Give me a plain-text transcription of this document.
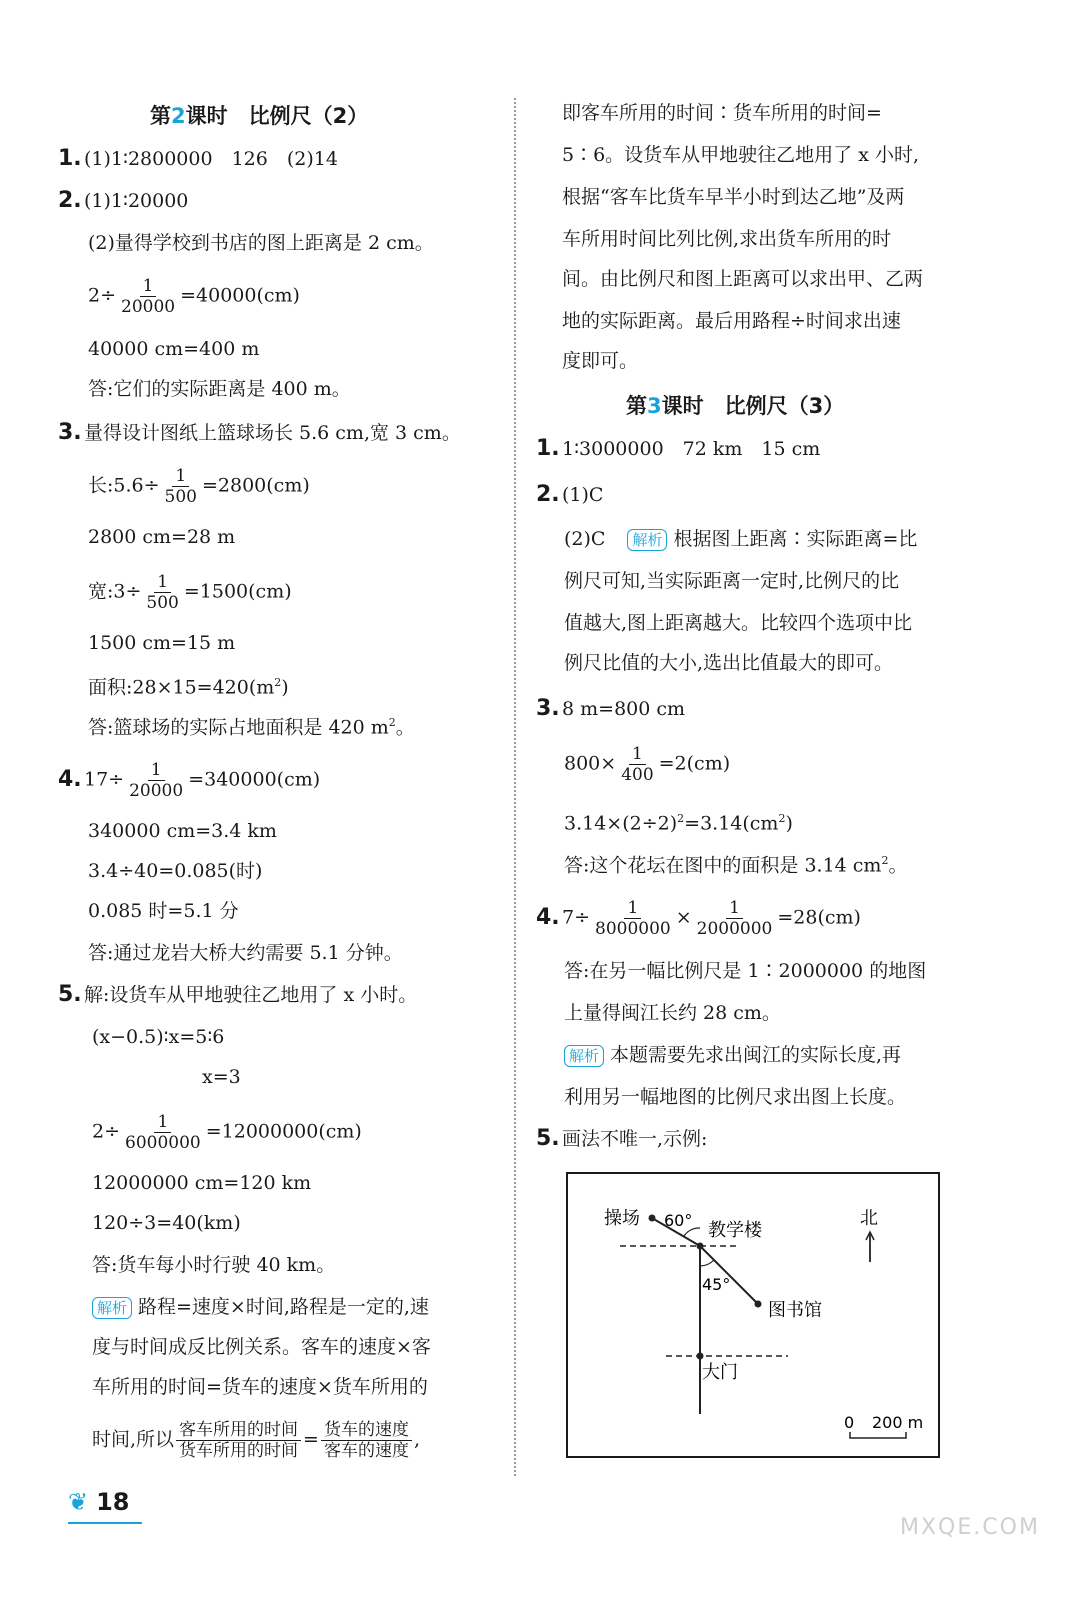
第2课时　比例尺（2）
1. (1)1∶2800000　126　(2)14
2. (1)1∶20000
(2)量得学校到书店的图上距离是 2 cm。
$2\div \frac{1}{20000} =40000(cm)$
40000 cm=400 m
答:它们的实际距离是 400 m。
3. 量得设计图纸上篮球场长 5.6 cm,宽 3 cm。
长:5.6÷ $\frac{1}{500} =2800(cm)$
2800 cm=28 m
宽:3÷ $\frac{1}{500} =1500(cm)$
1500 cm=15 m
面积$:28\times 15=420(m^2)$
答:篮球场的实际占地面积是 420 $m^2$。
4. $17\div \frac{1}{20000} =340000(cm)$
340000 cm=3.4 km
3.4÷40=0.085(时)
0.085 时=5.1 分
答:通过龙岩大桥大约需要 5.1 分钟。
5. 解:设货车从甲地驶往乙地用了 x 小时。
(x−0.5)∶x=5∶6
x=3
$2\div \frac{1}{6000000} =12000000(cm)$
12000000 cm=120 km
120÷3=40(km)
答:货车每小时行驶 40 km。
解析 路程=速度×时间,路程是一定的,速
度与时间成反比例关系。客车的速度×客
车所用的时间=货车的速度×货车所用的
时间,所以 $\frac{\text{客车所用的时间}}{\text{货车所用的时间}} = \frac{\text{货车的速度}}{\text{客车的速度}}$ ,
即客车所用的时间∶货车所用的时间=
5∶6。设货车从甲地驶往乙地用了 x 小时,
根据“客车比货车早半小时到达乙地”及两
车所用时间比列比例,求出货车所用的时
间。由比例尺和图上距离可以求出甲、乙两
地的实际距离。最后用路程÷时间求出速
度即可。
第3课时　比例尺（3）
1. 1∶3000000　72 km　15 cm
2. (1)C
(2)C 解析 根据图上距离∶实际距离=比
例尺可知,当实际距离一定时,比例尺的比
值越大,图上距离越大。比较四个选项中比
例尺比值的大小,选出比值最大的即可。
3. 8 m=800 cm
$800\times \frac{1}{400} =2(cm)$
$3.14\times(2\div 2)^2=3.14(cm^2)$
答:这个花坛在图中的面积是 3.14 $cm^2$。
4. $7\div \frac{1}{8000000} \times \frac{1}{2000000} =28(cm)$
答:在另一幅比例尺是 1∶2000000 的地图
上量得闽江长约 28 cm。
解析 本题需要先求出闽江的实际长度,再
利用另一幅地图的比例尺求出图上长度。
5. 画法不唯一,示例:
操场 60° 教学楼
45°
图书馆
大门
北
0 200 m
❦ 18
MXQE.COM
